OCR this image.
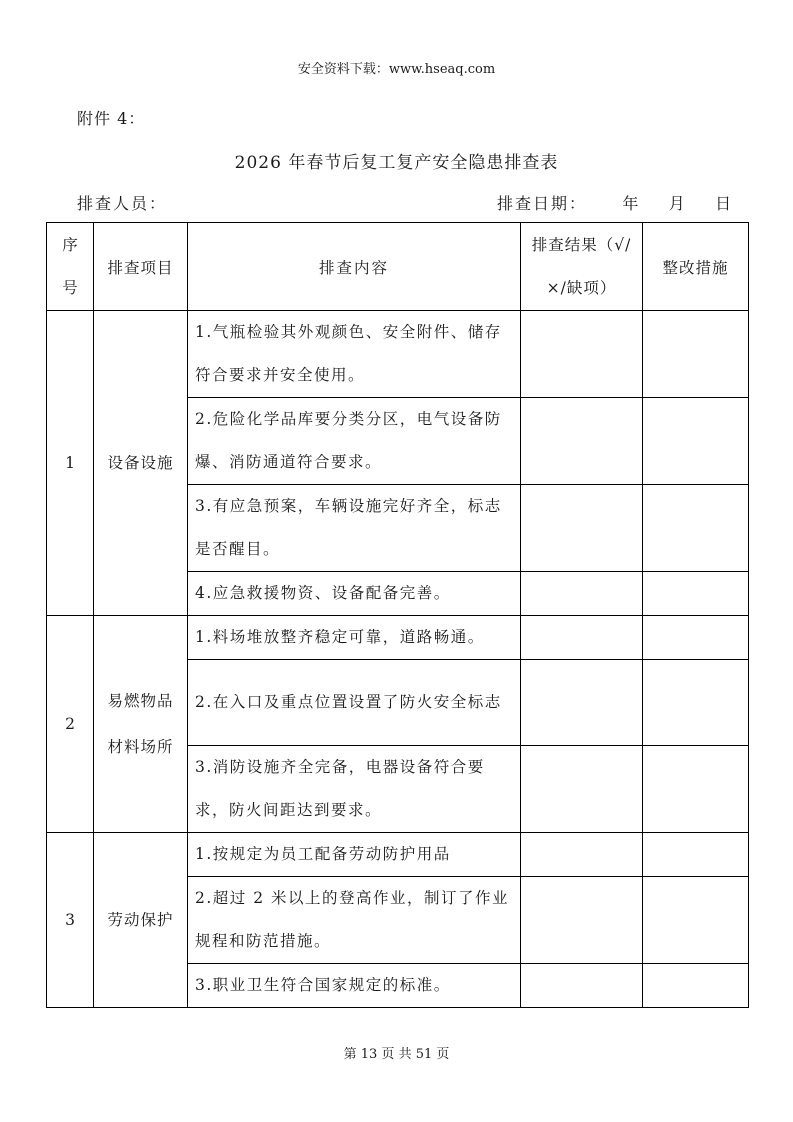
安全资料下载：www.hseaq.com
附件 4：
2026 年春节后复工复产安全隐患排查表
排查人员：	排查日期：     年    月    日
序号	排查项目	排查内容	排查结果（√/×/缺项）	整改措施
1	设备设施	1.气瓶检验其外观颜色、安全附件、储存符合要求并安全使用。		
		2.危险化学品库要分类分区，电气设备防爆、消防通道符合要求。		
		3.有应急预案，车辆设施完好齐全，标志是否醒目。		
		4.应急救援物资、设备配备完善。		
2	易燃物品材料场所	1.料场堆放整齐稳定可靠，道路畅通。		
		2.在入口及重点位置设置了防火安全标志		
		3.消防设施齐全完备，电器设备符合要求，防火间距达到要求。		
3	劳动保护	1.按规定为员工配备劳动防护用品		
		2.超过 2 米以上的登高作业，制订了作业规程和防范措施。		
		3.职业卫生符合国家规定的标准。		
第 13 页 共 51 页
